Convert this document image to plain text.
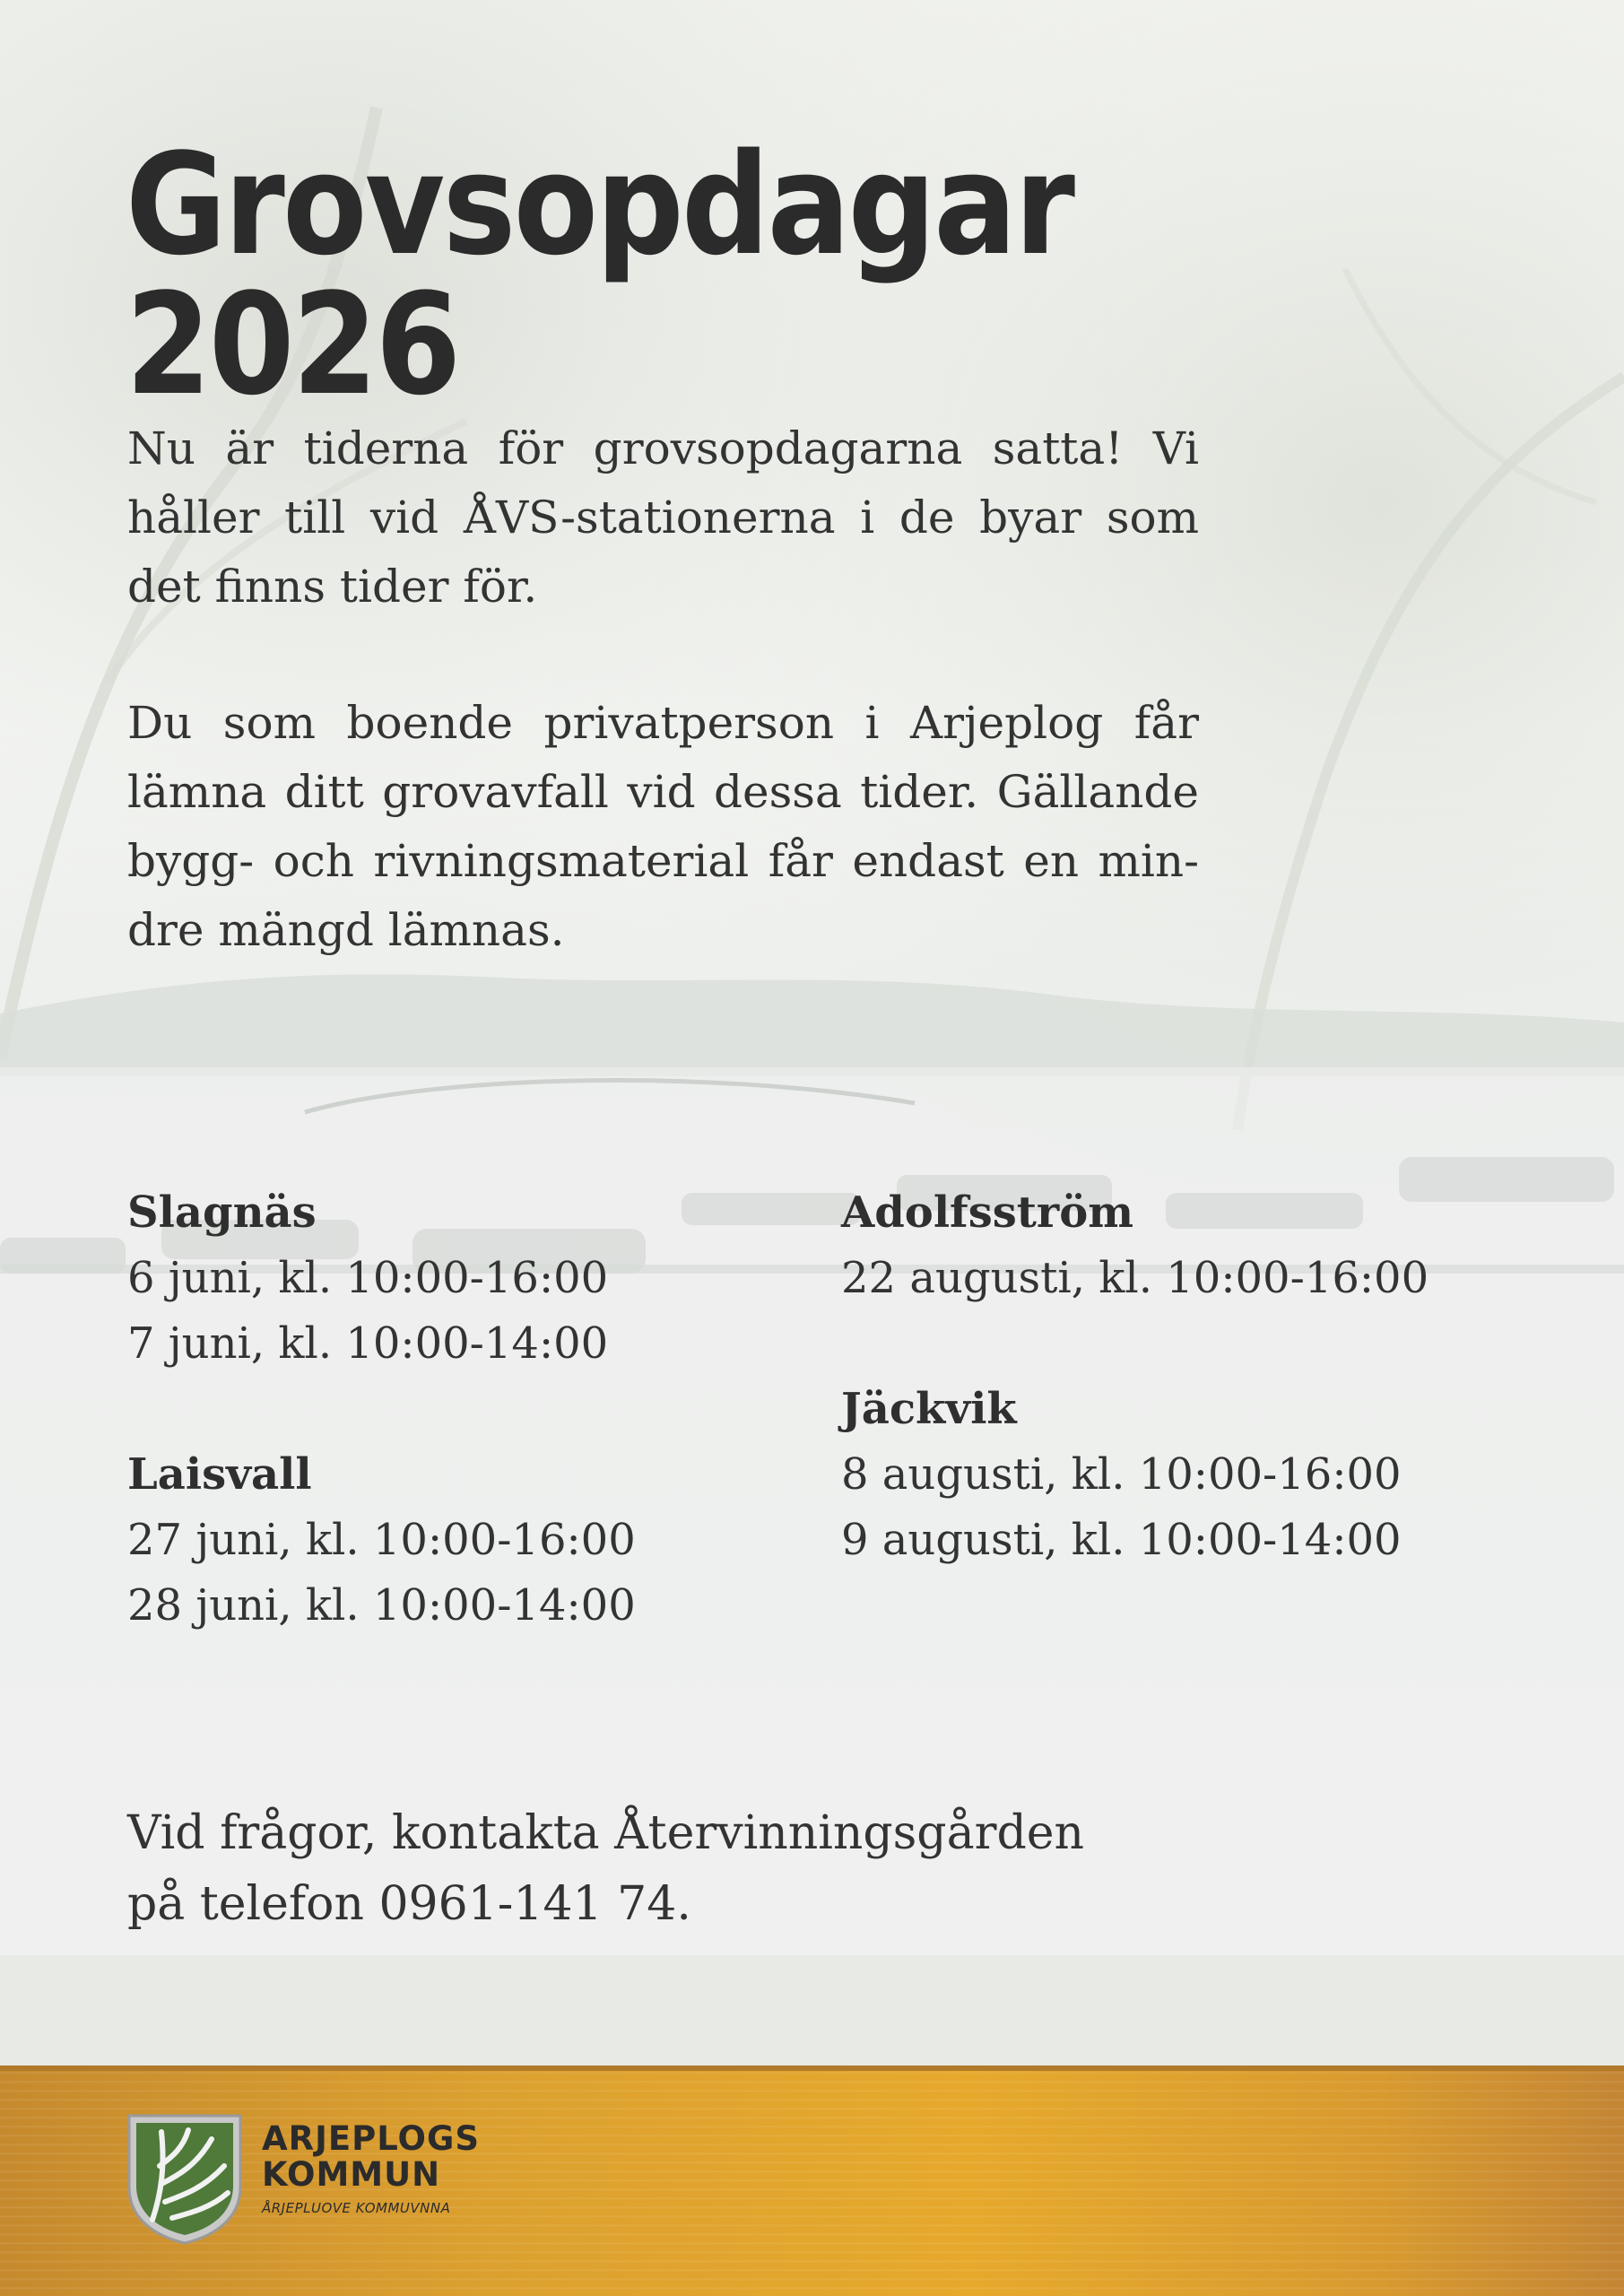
Grovsopdagar 2026

Nu är tiderna för grovsopdagarna satta! Vi håller till vid ÅVS-stationerna i de byar som det finns tider för.

Du som boende privatperson i Arjeplog får lämna ditt grovavfall vid dessa tider. Gällande bygg- och rivningsmaterial får endast en min-dre mängd lämnas.

Slagnäs

6 juni, kl. 10:00-16:00

7 juni, kl. 10:00-14:00

Laisvall

27 juni, kl. 10:00-16:00

28 juni, kl. 10:00-14:00

Adolfsström

22 augusti, kl. 10:00-16:00

Jäckvik

8 augusti, kl. 10:00-16:00

9 augusti, kl. 10:00-14:00

Vid frågor, kontakta Återvinningsgården
på telefon 0961-141 74.

ARJEPLOGS

KOMMUN

ÅRJEPLUOVE KOMMUVNNA
